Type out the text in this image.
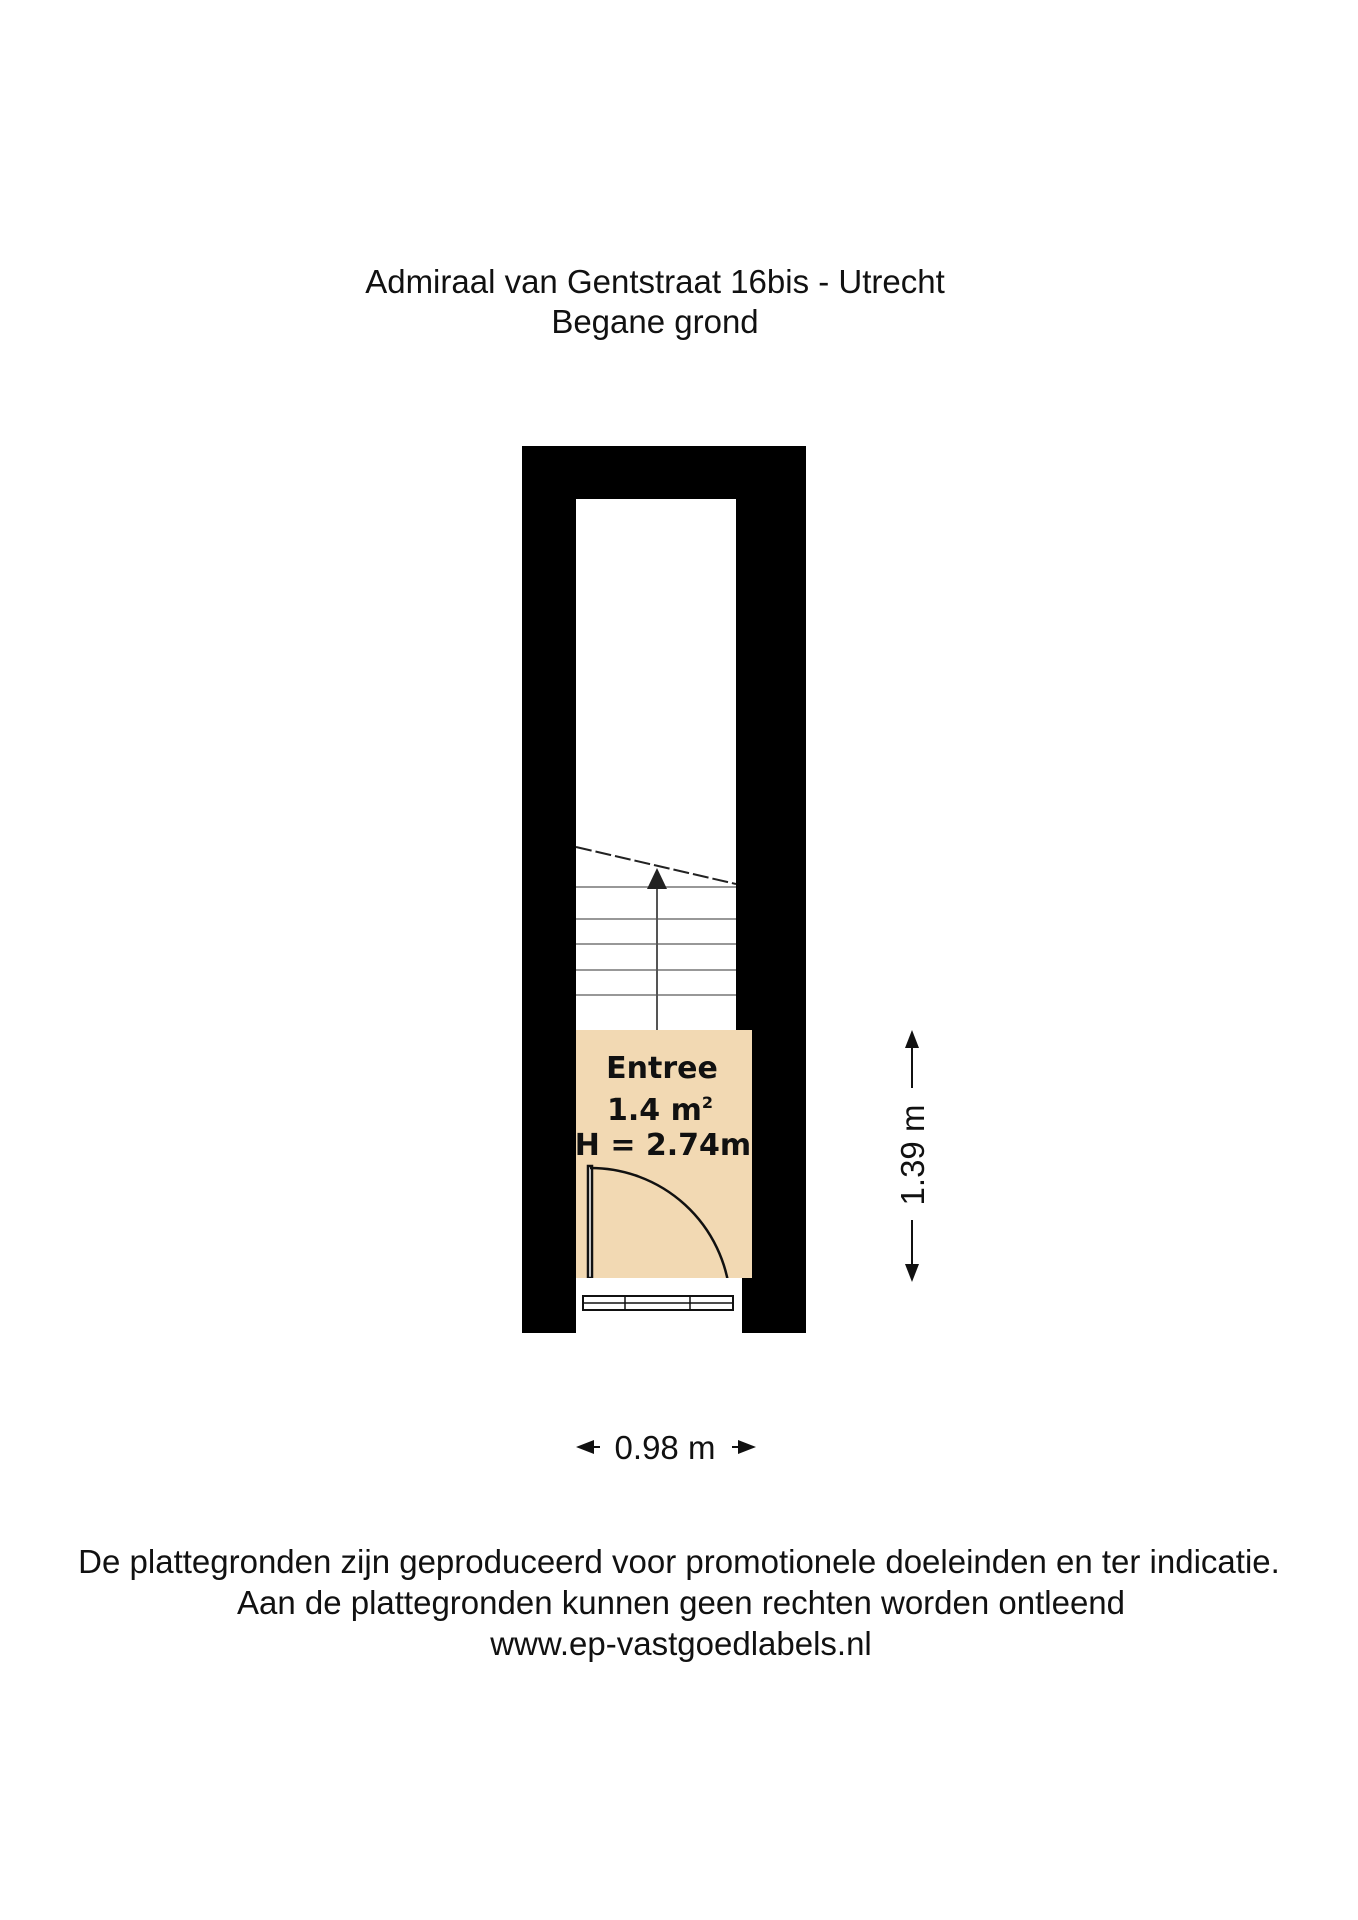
Admiraal van Gentstraat 16bis - Utrecht
Begane grond
Entree
1.4 $m^2$
H = 2.74m	1.39 m
0.98 m
De plattegronden zijn geproduceerd voor promotionele doeleinden en ter indicatie.
Aan de plattegronden kunnen geen rechten worden ontleend
www.ep-vastgoedlabels.nl
